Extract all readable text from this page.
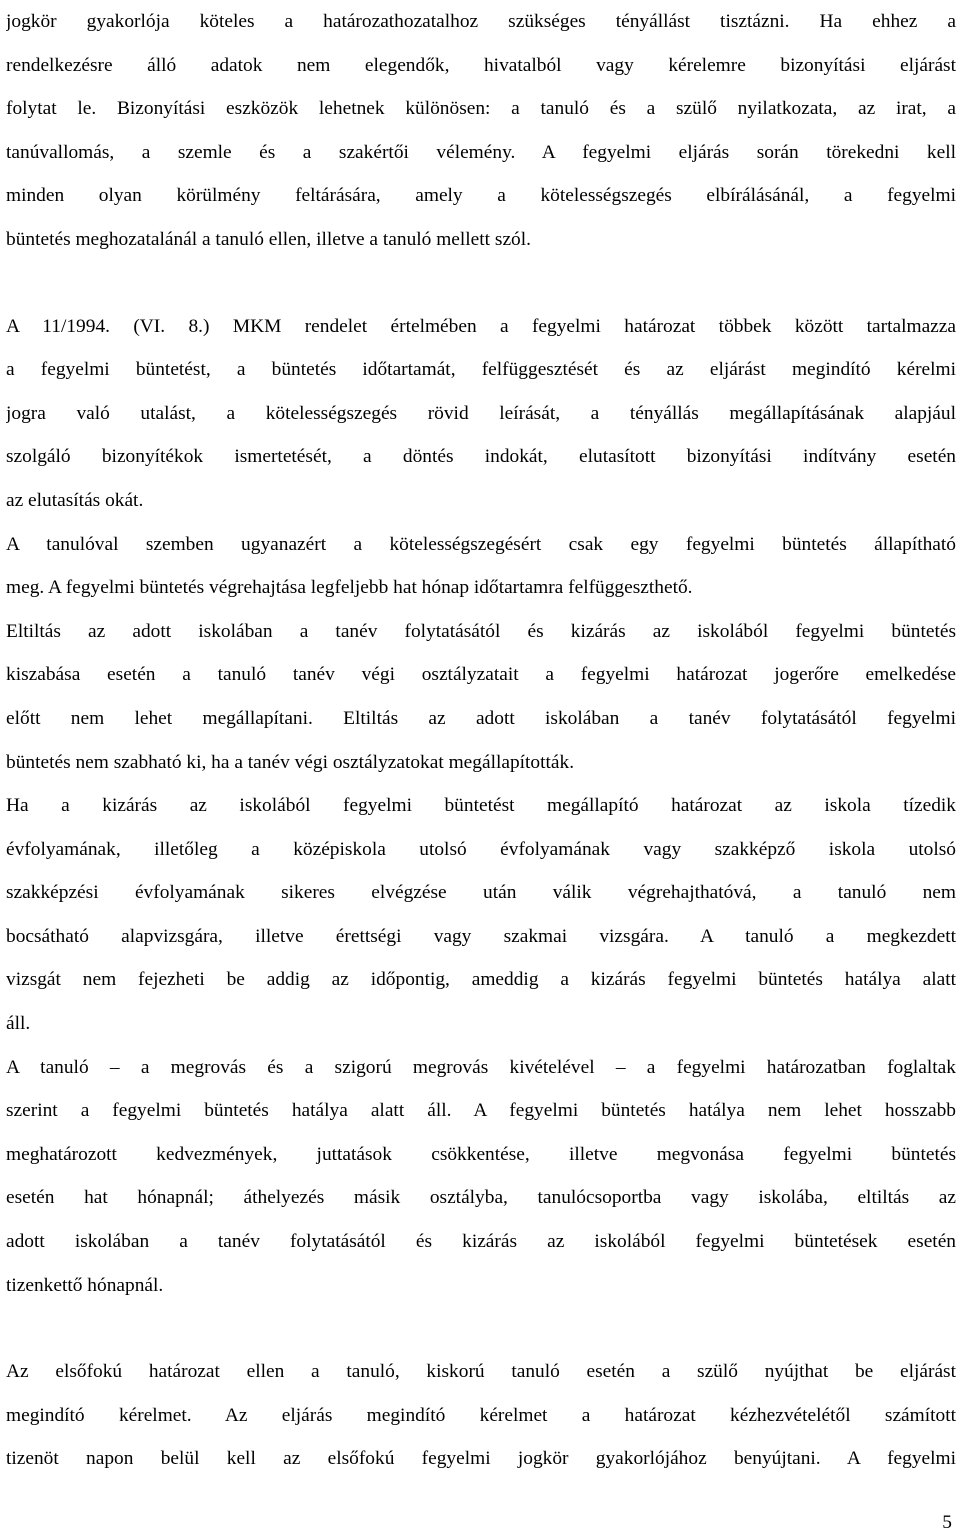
jogkör gyakorlója köteles a határozathozatalhoz szükséges tényállást tisztázni. Ha ehhez a
rendelkezésre álló adatok nem elegendők, hivatalból vagy kérelemre bizonyítási eljárást
folytat le. Bizonyítási eszközök lehetnek különösen: a tanuló és a szülő nyilatkozata, az irat, a
tanúvallomás, a szemle és a szakértői vélemény. A fegyelmi eljárás során törekedni kell
minden olyan körülmény feltárására, amely a kötelességszegés elbírálásánál, a fegyelmi
büntetés meghozatalánál a tanuló ellen, illetve a tanuló mellett szól.
A 11/1994. (VI. 8.) MKM rendelet értelmében a fegyelmi határozat többek között tartalmazza
a fegyelmi büntetést, a büntetés időtartamát, felfüggesztését és az eljárást megindító kérelmi
jogra való utalást, a kötelességszegés rövid leírását, a tényállás megállapításának alapjául
szolgáló bizonyítékok ismertetését, a döntés indokát, elutasított bizonyítási indítvány esetén
az elutasítás okát.
A tanulóval szemben ugyanazért a kötelességszegésért csak egy fegyelmi büntetés állapítható
meg. A fegyelmi büntetés végrehajtása legfeljebb hat hónap időtartamra felfüggeszthető.
Eltiltás az adott iskolában a tanév folytatásától és kizárás az iskolából fegyelmi büntetés
kiszabása esetén a tanuló tanév végi osztályzatait a fegyelmi határozat jogerőre emelkedése
előtt nem lehet megállapítani. Eltiltás az adott iskolában a tanév folytatásától fegyelmi
büntetés nem szabható ki, ha a tanév végi osztályzatokat megállapították.
Ha a kizárás az iskolából fegyelmi büntetést megállapító határozat az iskola tízedik
évfolyamának, illetőleg a középiskola utolsó évfolyamának vagy szakképző iskola utolsó
szakképzési évfolyamának sikeres elvégzése után válik végrehajthatóvá, a tanuló nem
bocsátható alapvizsgára, illetve érettségi vagy szakmai vizsgára. A tanuló a megkezdett
vizsgát nem fejezheti be addig az időpontig, ameddig a kizárás fegyelmi büntetés hatálya alatt
áll.
A tanuló – a megrovás és a szigorú megrovás kivételével – a fegyelmi határozatban foglaltak
szerint a fegyelmi büntetés hatálya alatt áll. A fegyelmi büntetés hatálya nem lehet hosszabb
meghatározott kedvezmények, juttatások csökkentése, illetve megvonása fegyelmi büntetés
esetén hat hónapnál; áthelyezés másik osztályba, tanulócsoportba vagy iskolába, eltiltás az
adott iskolában a tanév folytatásától és kizárás az iskolából fegyelmi büntetések esetén
tizenkettő hónapnál.
Az elsőfokú határozat ellen a tanuló, kiskorú tanuló esetén a szülő nyújthat be eljárást
megindító kérelmet. Az eljárás megindító kérelmet a határozat kézhezvételétől számított
tizenöt napon belül kell az elsőfokú fegyelmi jogkör gyakorlójához benyújtani. A fegyelmi
5
